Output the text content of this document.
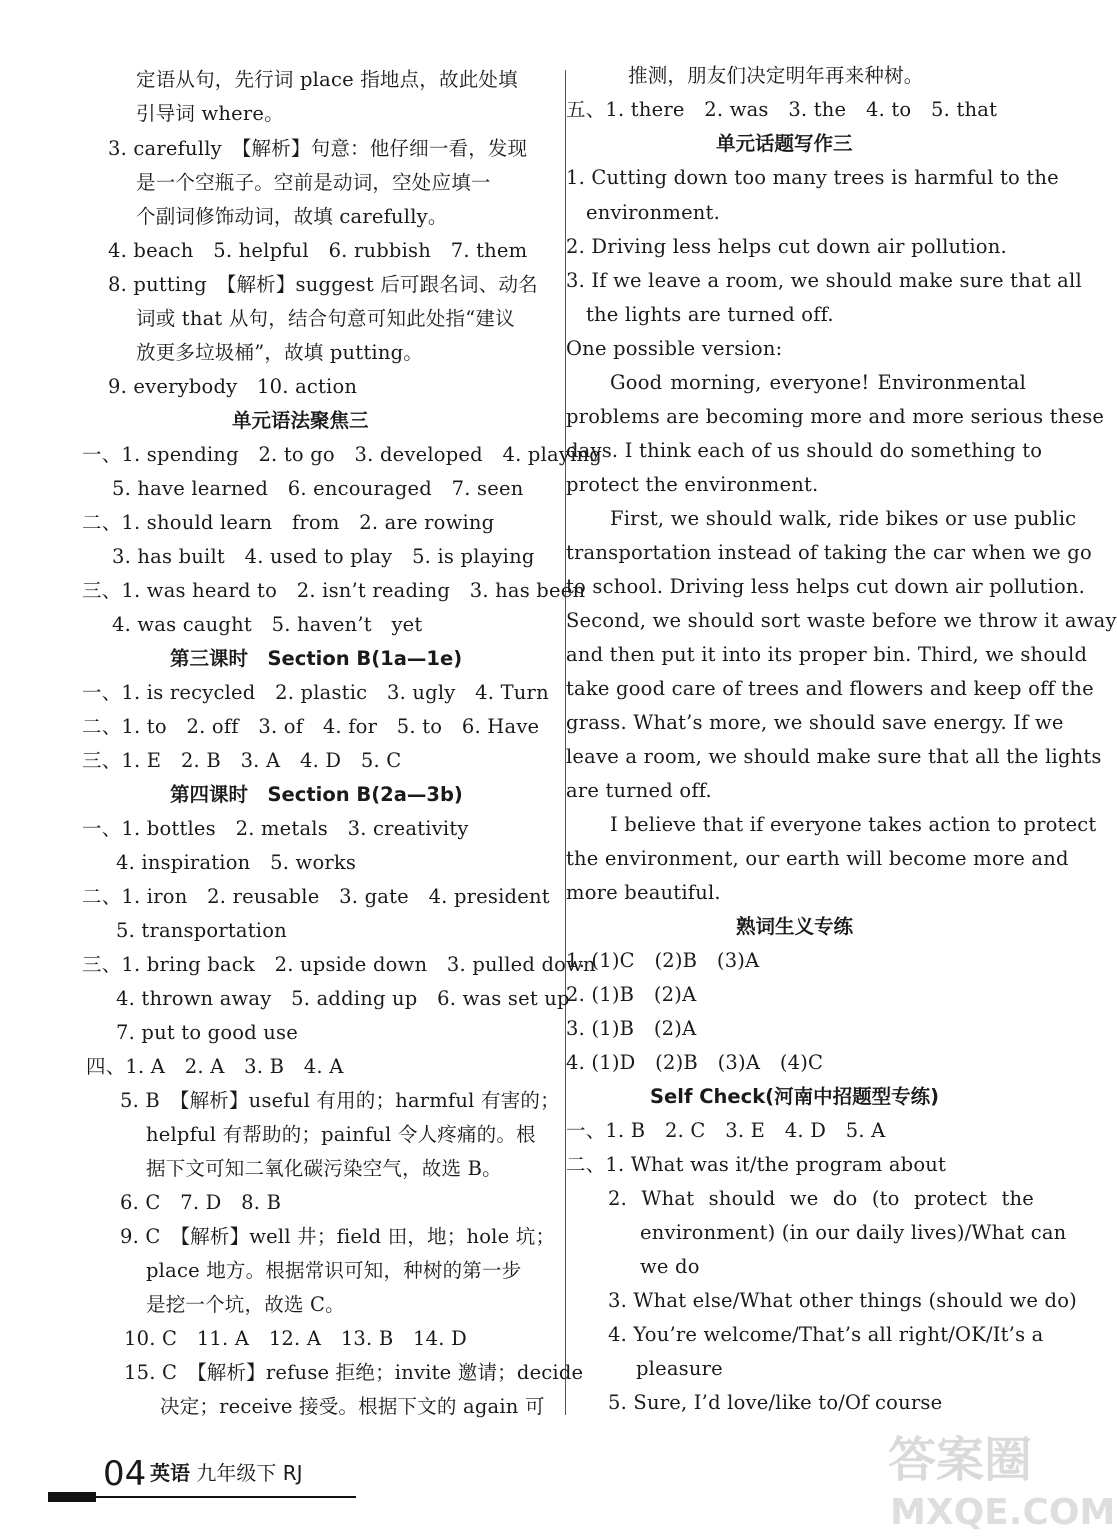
定语从句，先行词 place 指地点，故此处填
引导词 where。
3. carefully　【解析】句意：他仔细一看，发现
是一个空瓶子。空前是动词，空处应填一
个副词修饰动词，故填 carefully。
4. beach　5. helpful　6. rubbish　7. them
8. putting　【解析】suggest 后可跟名词、动名
词或 that 从句，结合句意可知此处指“建议
放更多垃圾桶”，故填 putting。
9. everybody　10. action
单元语法聚焦三
一、1. spending　2. to go　3. developed　4. playing
5. have learned　6. encouraged　7. seen
二、1. should learn　from　2. are rowing
3. has built　4. used to play　5. is playing
三、1. was heard to　2. isn’t reading　3. has been
4. was caught　5. haven’t　yet
第三课时　Section B(1a—1e)
一、1. is recycled　2. plastic　3. ugly　4. Turn
二、1. to　2. off　3. of　4. for　5. to　6. Have
三、1. E　2. B　3. A　4. D　5. C
第四课时　Section B(2a—3b)
一、1. bottles　2. metals　3. creativity
4. inspiration　5. works
二、1. iron　2. reusable　3. gate　4. president
5. transportation
三、1. bring back　2. upside down　3. pulled down
4. thrown away　5. adding up　6. was set up
7. put to good use
四、1. A　2. A　3. B　4. A
5. B　【解析】useful 有用的；harmful 有害的；
helpful 有帮助的；painful 令人疼痛的。根
据下文可知二氧化碳污染空气，故选 B。
6. C　7. D　8. B
9. C　【解析】well 井；field 田，地；hole 坑；
place 地方。根据常识可知，种树的第一步
是挖一个坑，故选 C。
10. C　11. A　12. A　13. B　14. D
15. C　【解析】refuse 拒绝；invite 邀请；decide
决定；receive 接受。根据下文的 again 可
推测，朋友们决定明年再来种树。
五、1. there　2. was　3. the　4. to　5. that
单元话题写作三
1. Cutting down too many trees is harmful to the
environment.
2. Driving less helps cut down air pollution.
3. If we leave a room, we should make sure that all
the lights are turned off.
One possible version:
Good morning, everyone! Environmental
problems are becoming more and more serious these
days. I think each of us should do something to
protect the environment.
First, we should walk, ride bikes or use public
transportation instead of taking the car when we go
to school. Driving less helps cut down air pollution.
Second, we should sort waste before we throw it away
and then put it into its proper bin. Third, we should
take good care of trees and flowers and keep off the
grass. What’s more, we should save energy. If we
leave a room, we should make sure that all the lights
are turned off.
I believe that if everyone takes action to protect
the environment, our earth will become more and
more beautiful.
熟词生义专练
1. (1)C　(2)B　(3)A
2. (1)B　(2)A
3. (1)B　(2)A
4. (1)D　(2)B　(3)A　(4)C
Self Check(河南中招题型专练)
一、1. B　2. C　3. E　4. D　5. A
二、1. What was it/the program about
2. What should we do (to protect the
environment) (in our daily lives)/What can
we do
3. What else/What other things (should we do)
4. You’re welcome/That’s all right/OK/It’s a
pleasure
5. Sure, I’d love/like to/Of course
04 英语 九年级下 RJ	答案圈
MXQE.COM
